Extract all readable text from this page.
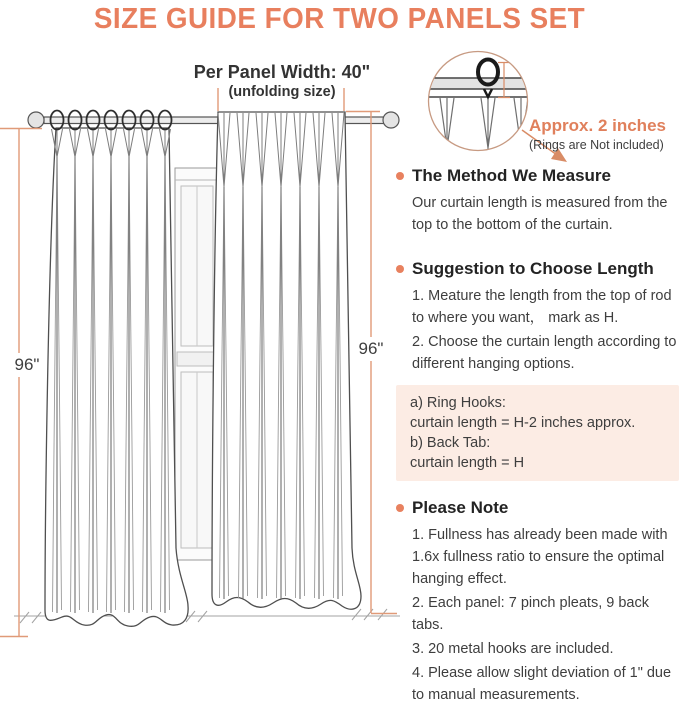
SIZE GUIDE FOR TWO PANELS SET
Per Panel Width: 40"
(unfolding size)
96"
96"
Approx. 2 inches
(Rings are Not included)
The Method We Measure

Our curtain length is measured from the top to the bottom of the curtain.

Suggestion to Choose Length

1. Meature the length from the top of rod to where you want， mark as H.

2. Choose the curtain length according to different hanging options.

a) Ring Hooks:
curtain length = H-2 inches approx.
b) Back Tab:
curtain length = H
Please Note

1. Fullness has already been made with 1.6x fullness ratio to ensure the optimal hanging effect.

2. Each panel: 7 pinch pleats, 9 back tabs.

3. 20 metal hooks are included.

4. Please allow slight deviation of 1" due to manual measurements.
